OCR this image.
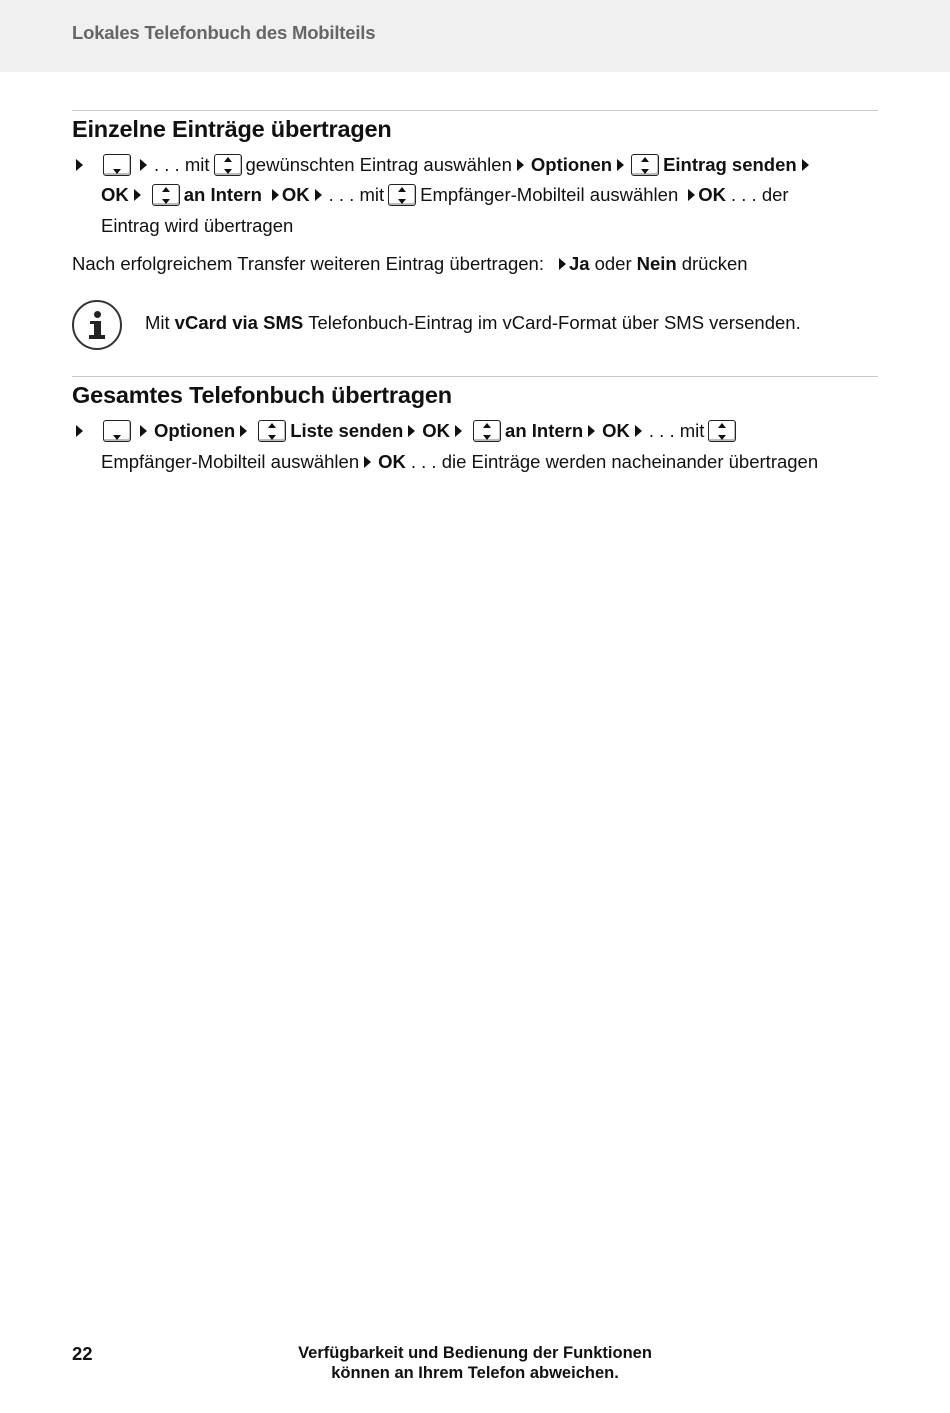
Lokales Telefonbuch des Mobilteils
Einzelne Einträge übertragen
. . . mit gewünschten Eintrag auswählen Optionen	Eintrag senden
OK	an Intern OK . . . mit Empfänger-Mobilteil auswählen OK . . . der
Eintrag wird übertragen
Nach erfolgreichem Transfer weiteren Eintrag übertragen: Ja oder Nein drücken
Mit vCard via SMS Telefonbuch-Eintrag im vCard-Format über SMS versenden.
Gesamtes Telefonbuch übertragen
Optionen	Liste senden OK	an Intern OK . . . mit
Empfänger-Mobilteil auswählen OK . . . die Einträge werden nacheinander übertragen
22	Verfügbarkeit und Bedienung der Funktionen
können an Ihrem Telefon abweichen.
